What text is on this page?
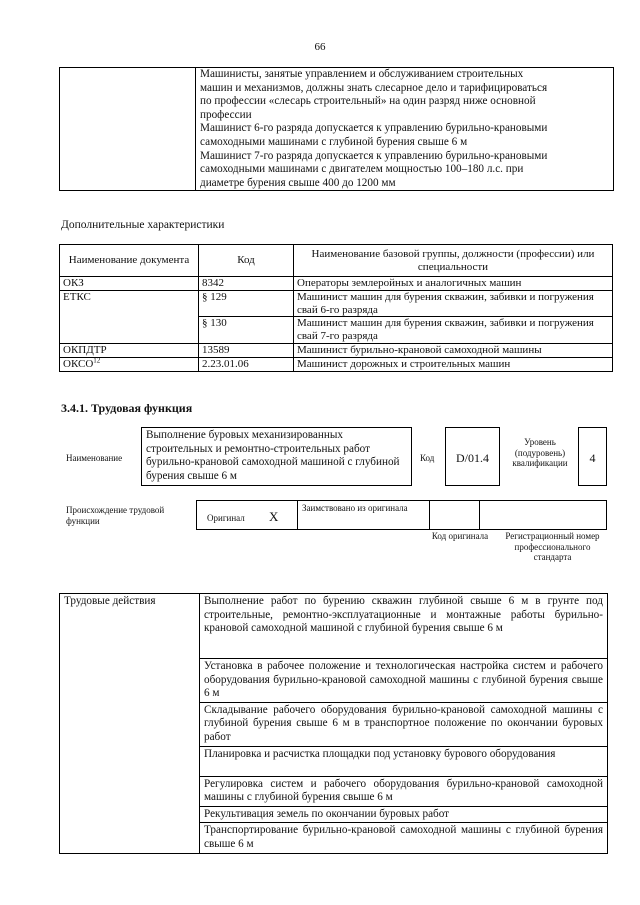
66

Машинисты, занятые управлением и обслуживанием строительных
машин и механизмов, должны знать слесарное дело и тарифицироваться
по профессии «слесарь строительный» на один разряд ниже основной
профессии
Машинист 6-го разряда допускается к управлению бурильно-крановыми
самоходными машинами с глубиной бурения свыше 6 м
Машинист 7-го разряда допускается к управлению бурильно-крановыми
самоходными машинами с двигателем мощностью 100–180 л.с. при
диаметре бурения свыше 400 до 1200 мм
Дополнительные характеристики
Наименование документа	Код	Наименование базовой группы, должности (профессии) или специальности
ОКЗ	8342	Операторы землеройных и аналогичных машин
ЕТКС	§ 129	Машинист машин для бурения скважин, забивки и погружения свай 6-го разряда
	§ 130	Машинист машин для бурения скважин, забивки и погружения свай 7-го разряда
ОКПДТР	13589	Машинист бурильно-крановой самоходной машины
ОКСО$^{12}$	2.23.01.06	Машинист дорожных и строительных машин
3.4.1. Трудовая функция
Наименование
Выполнение буровых механизированных строительных и ремонтно-строительных работ бурильно-крановой самоходной машиной с глубиной бурения свыше 6 м
Код	D/01.4
Уровень (подуровень) квалификации	4
Происхождение трудовой функции	Оригинал X
Заимствовано из оригинала
Код оригинала	Регистрационный номер профессионального стандарта
Трудовые действия	Выполнение работ по бурению скважин глубиной свыше 6 м в грунте под строительные, ремонтно-эксплуатационные и монтажные работы бурильно-крановой самоходной машиной с глубиной бурения свыше 6 м
Установка в рабочее положение и технологическая настройка систем и рабочего оборудования бурильно-крановой самоходной машины с глубиной бурения свыше 6 м
Складывание рабочего оборудования бурильно-крановой самоходной машины с глубиной бурения свыше 6 м в транспортное положение по окончании буровых работ
Планировка и расчистка площадки под установку бурового оборудования
Регулировка систем и рабочего оборудования бурильно-крановой самоходной машины с глубиной бурения свыше 6 м
Рекультивация земель по окончании буровых работ
Транспортирование бурильно-крановой самоходной машины с глубиной бурения свыше 6 м
